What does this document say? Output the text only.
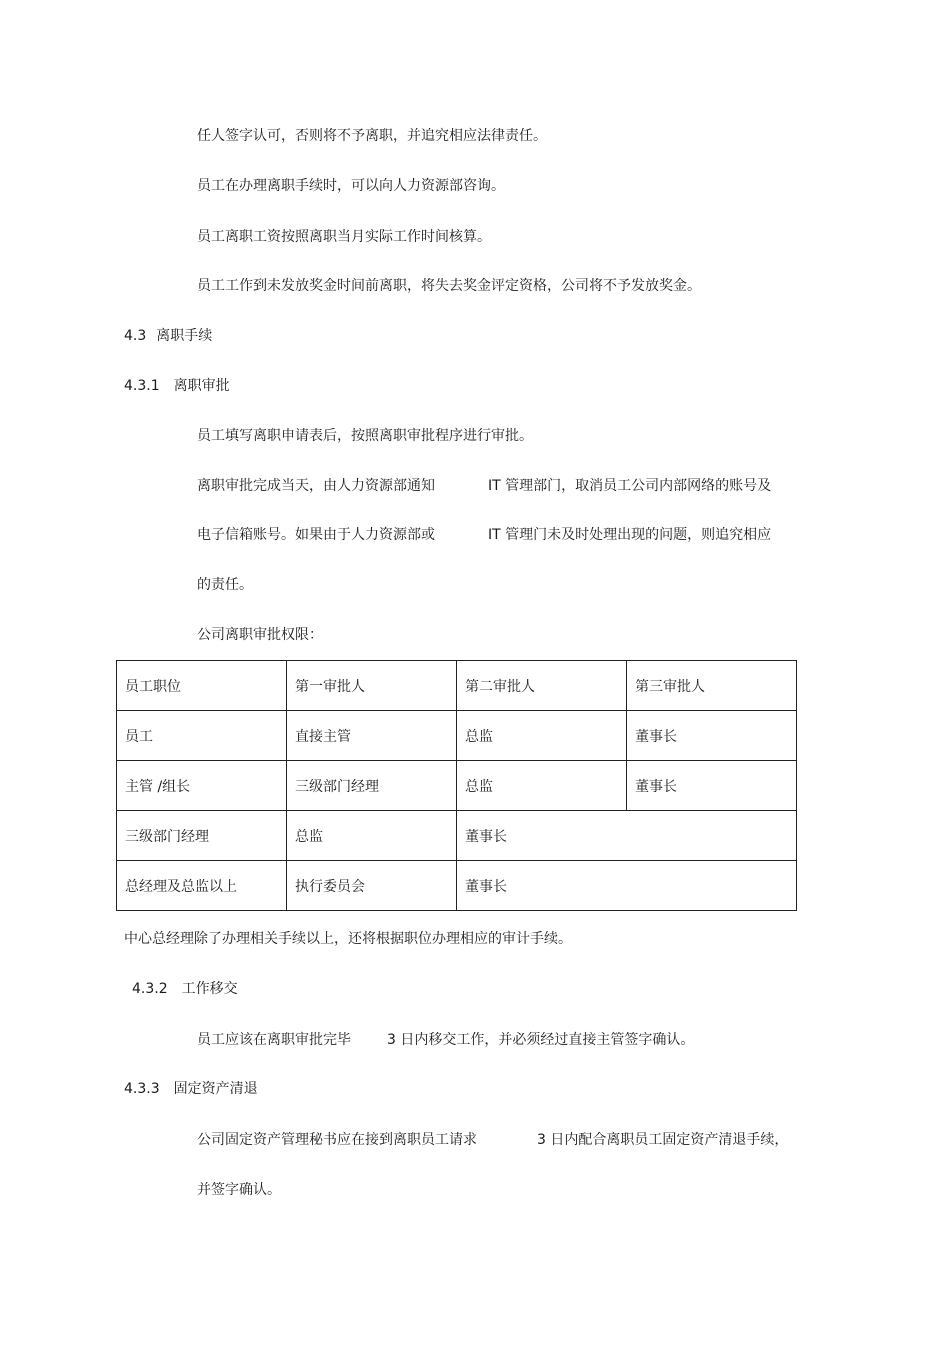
任人签字认可，否则将不予离职，并追究相应法律责任。
员工在办理离职手续时，可以向人力资源部咨询。
员工离职工资按照离职当月实际工作时间核算。
员工工作到未发放奖金时间前离职，将失去奖金评定资格，公司将不予发放奖金。
4.3 离职手续
4.3.1 离职审批
员工填写离职申请表后，按照离职审批程序进行审批。
离职审批完成当天，由人力资源部通知	IT 管理部门，取消员工公司内部网络的账号及
电子信箱账号。如果由于人力资源部或	IT 管理门未及时处理出现的问题，则追究相应
的责任。
公司离职审批权限：
员工职位	第一审批人	第二审批人	第三审批人
员工	直接主管	总监	董事长
主管 /组长	三级部门经理	总监	董事长
三级部门经理	总监	董事长	
总经理及总监以上	执行委员会	董事长	
中心总经理除了办理相关手续以上，还将根据职位办理相应的审计手续。
4.3.2 工作移交
员工应该在离职审批完毕	3 日内移交工作，并必须经过直接主管签字确认。
4.3.3 固定资产清退
公司固定资产管理秘书应在接到离职员工请求	3 日内配合离职员工固定资产清退手续，
并签字确认。
